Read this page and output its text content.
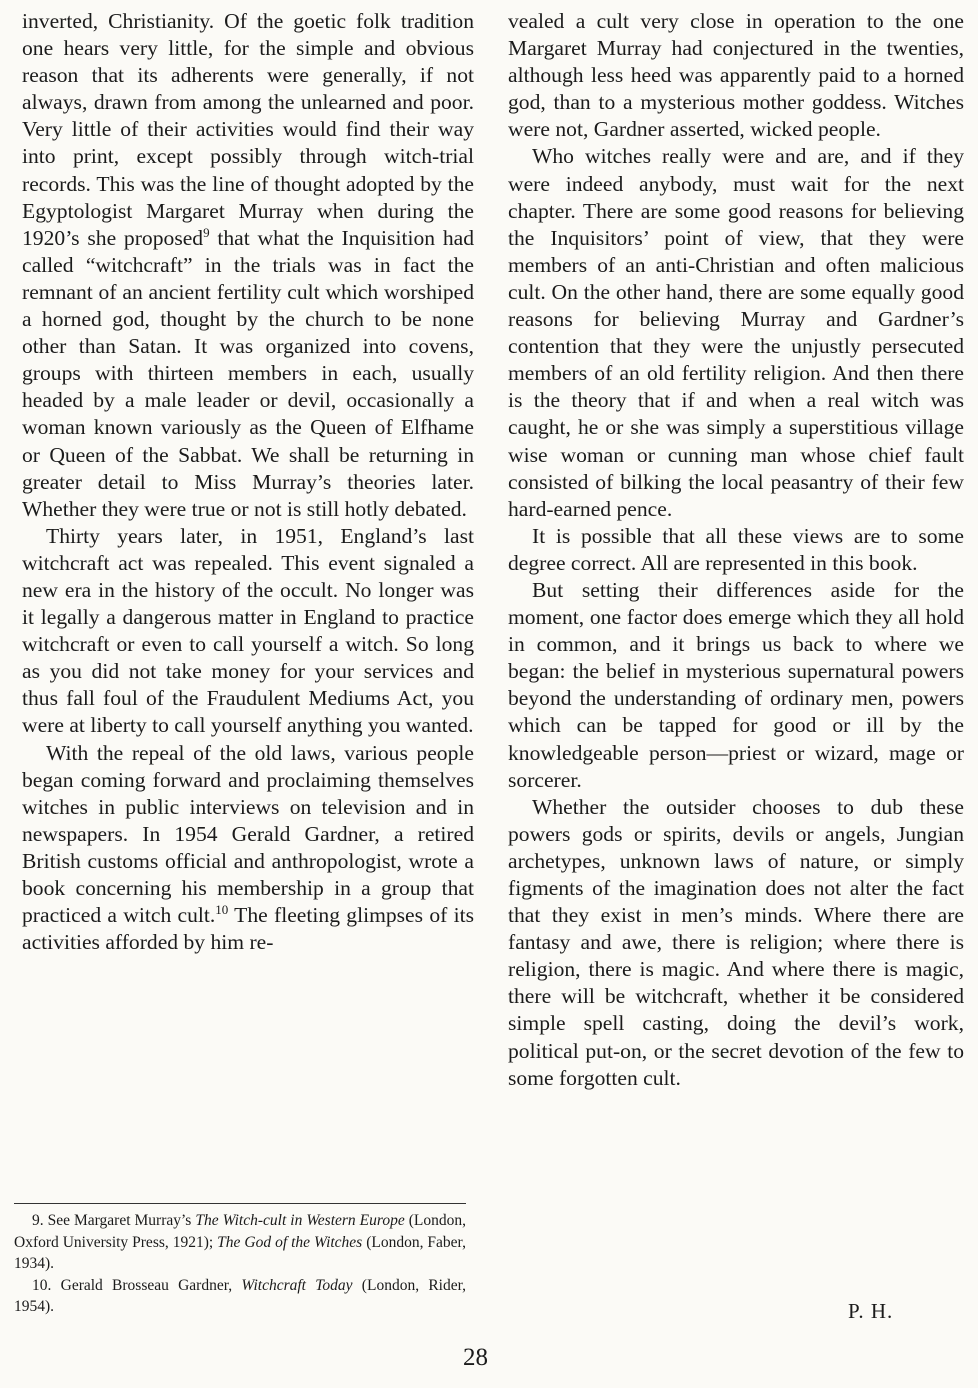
inverted, Christianity. Of the goetic folk tradition one hears very little, for the simple and obvious reason that its adherents were generally, if not always, drawn from among the unlearned and poor. Very little of their activities would find their way into print, except possibly through witch-trial records. This was the line of thought adopted by the Egyptologist Margaret Murray when during the 1920’s she proposed$^9$ that what the Inquisition had called “witchcraft” in the trials was in fact the remnant of an ancient fertility cult which worshiped a horned god, thought by the church to be none other than Satan. It was organized into covens, groups with thirteen members in each, usually headed by a male leader or devil, occasionally a woman known variously as the Queen of Elfhame or Queen of the Sabbat. We shall be returning in greater detail to Miss Murray’s theories later. Whether they were true or not is still hotly debated.

Thirty years later, in 1951, England’s last witchcraft act was repealed. This event signaled a new era in the history of the occult. No longer was it legally a dangerous matter in England to practice witchcraft or even to call yourself a witch. So long as you did not take money for your services and thus fall foul of the Fraudulent Mediums Act, you were at liberty to call yourself anything you wanted.

With the repeal of the old laws, various people began coming forward and proclaiming themselves witches in public interviews on television and in newspapers. In 1954 Gerald Gardner, a retired British customs official and anthropologist, wrote a book concerning his membership in a group that practiced a witch cult.$^{10}$ The fleeting glimpses of its activities afforded by him re-

vealed a cult very close in operation to the one Margaret Murray had conjectured in the twenties, although less heed was apparently paid to a horned god, than to a mysterious mother goddess. Witches were not, Gardner asserted, wicked people.

Who witches really were and are, and if they were indeed anybody, must wait for the next chapter. There are some good reasons for believing the Inquisitors’ point of view, that they were members of an anti-Christian and often malicious cult. On the other hand, there are some equally good reasons for believing Murray and Gardner’s contention that they were the unjustly persecuted members of an old fertility religion. And then there is the theory that if and when a real witch was caught, he or she was simply a superstitious village wise woman or cunning man whose chief fault consisted of bilking the local peasantry of their few hard-earned pence.

It is possible that all these views are to some degree correct. All are represented in this book.

But setting their differences aside for the moment, one factor does emerge which they all hold in common, and it brings us back to where we began: the belief in mysterious supernatural powers beyond the understanding of ordinary men, powers which can be tapped for good or ill by the knowledgeable person—priest or wizard, mage or sorcerer.

Whether the outsider chooses to dub these powers gods or spirits, devils or angels, Jungian archetypes, unknown laws of nature, or simply figments of the imagination does not alter the fact that they exist in men’s minds. Where there are fantasy and awe, there is religion; where there is religion, there is magic. And where there is magic, there will be witchcraft, whether it be considered simple spell casting, doing the devil’s work, political put-on, or the secret devotion of the few to some forgotten cult.

9. See Margaret Murray’s The Witch-cult in Western Europe (London, Oxford University Press, 1921); The God of the Witches (London, Faber, 1934).

10. Gerald Brosseau Gardner, Witchcraft Today (London, Rider, 1954).	P. H.
28
